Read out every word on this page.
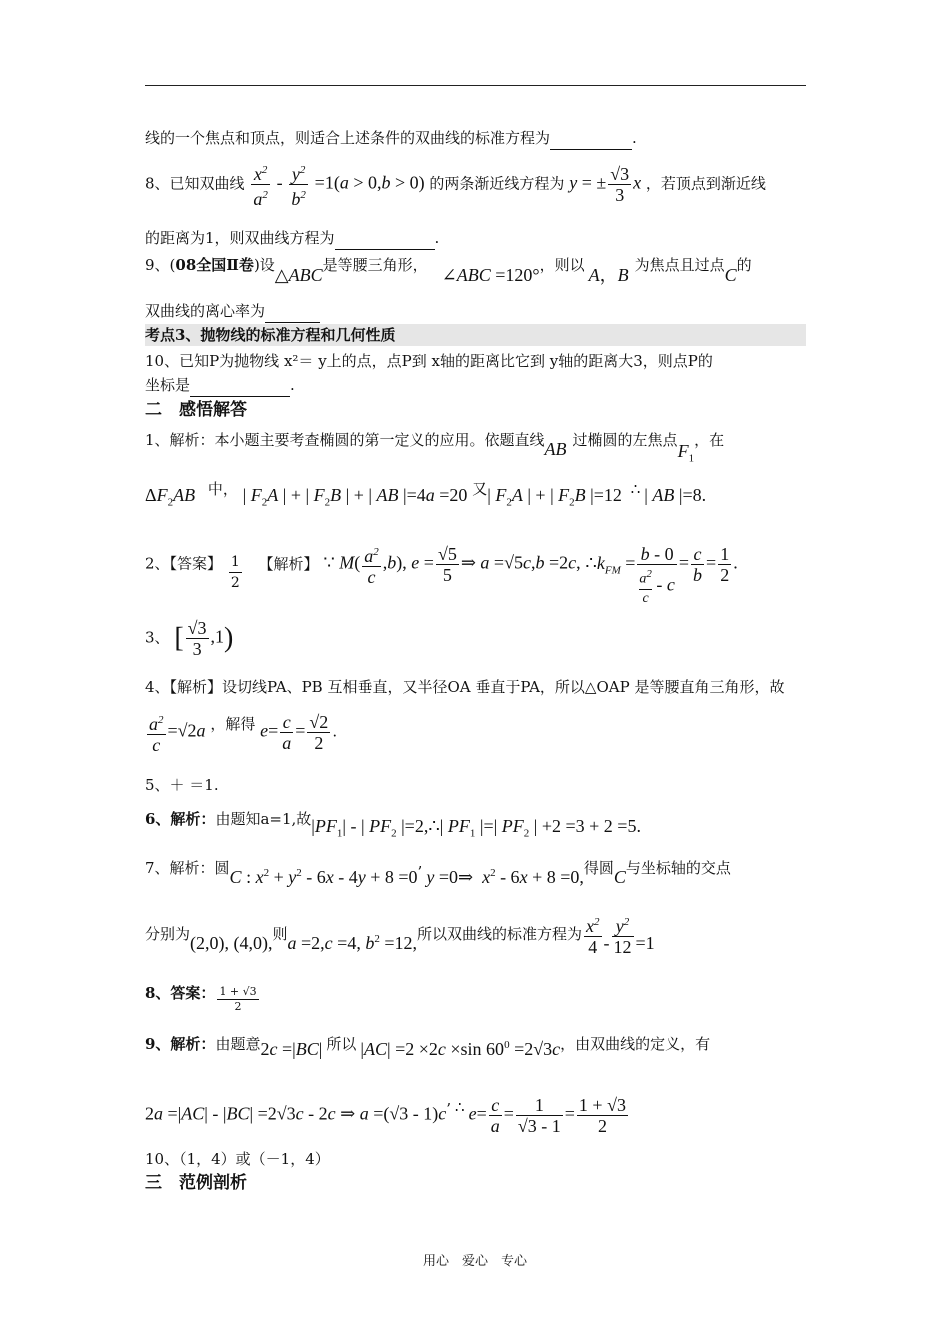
线的一个焦点和顶点，则适合上述条件的双曲线的标准方程为	.
8、已知双曲线 $\frac{x^2}{a^2} - \frac{y^2}{b^2} =1(a > 0,b > 0)$ 的两条渐近线方程为 y = ± $\frac{√3}{3}$ x ，若顶点到渐近线
的距离为1，则双曲线方程为	.
9、(08全国Ⅱ卷)设△ABC是等腰三角形， ∠ABC =120°，则以 A，B 为焦点且过点C的
双曲线的离心率为
考点3、抛物线的标准方程和几何性质
10、已知P为抛物线 x²＝ y上的点，点P到 x轴的距离比它到 y轴的距离大3，则点P的
坐标是	.
二　感悟解答
1、解析：本小题主要考查椭圆的第一定义的应用。依题直线AB 过椭圆的左焦点$F_1$，在
$\Delta F_2AB$ 中， | $F_2A$ | + | $F_2B$ | + | AB |=4a =20 又| $F_2A$ | + | $F_2B$ |=12 ∴ | AB |=8.
2、【答案】 $\frac{1}{2}$ 【解析】 ∵ $M( \frac{a^2}{c} ,b)$, $e = \frac{√5}{5}$ ⇒ a =√5c,b =2c, $\therefore k_{FM} = \frac{b - 0}{\frac{a^2}{c} - c} = \frac{c}{b} = \frac{1}{2}$ .
3、 [ $\frac{√3}{3} ,1$)
4、【解析】设切线PA、PB 互相垂直，又半径OA 垂直于PA，所以△OAP 是等腰直角三角形，故
$\frac{a^2}{c} =√2a$ ，解得 $e= \frac{c}{a} = \frac{√2}{2}$ .
5、＋ ＝1.
6、解析：由题知a=1,故$|PF_1|$ - | $PF_2$ |=2,∴| $PF_1$ |=| $PF_2$ | +2 =3 + 2 =5.
7、解析：圆C : $x^2 + y^2 - 6x - 4y + 8 =0$’ y =0⇒  $x^2 - 6x + 8 =0$,得圆C与坐标轴的交点
分别为(2,0), (4,0),则a =2,c =4, $b^2 =12$,所以双曲线的标准方程为 $\frac{x^2}{4} - \frac{y^2}{12} =1$
8、答案： $\frac{1 + √3}{2}$
9、解析：由题意2c =|BC| 所以 |AC| =2 ×2c ×sin $60^0 =2√3c$，由双曲线的定义，有
2a =|AC| - |BC| =2√3c - 2c ⇒ a =(√3 - 1)c’ ∴ $e= \frac{c}{a} = \frac{1}{√3 - 1} = \frac{1 + √3}{2}$
10、（1，4）或（－1，4）
三　范例剖析
用心　爱心　专心
